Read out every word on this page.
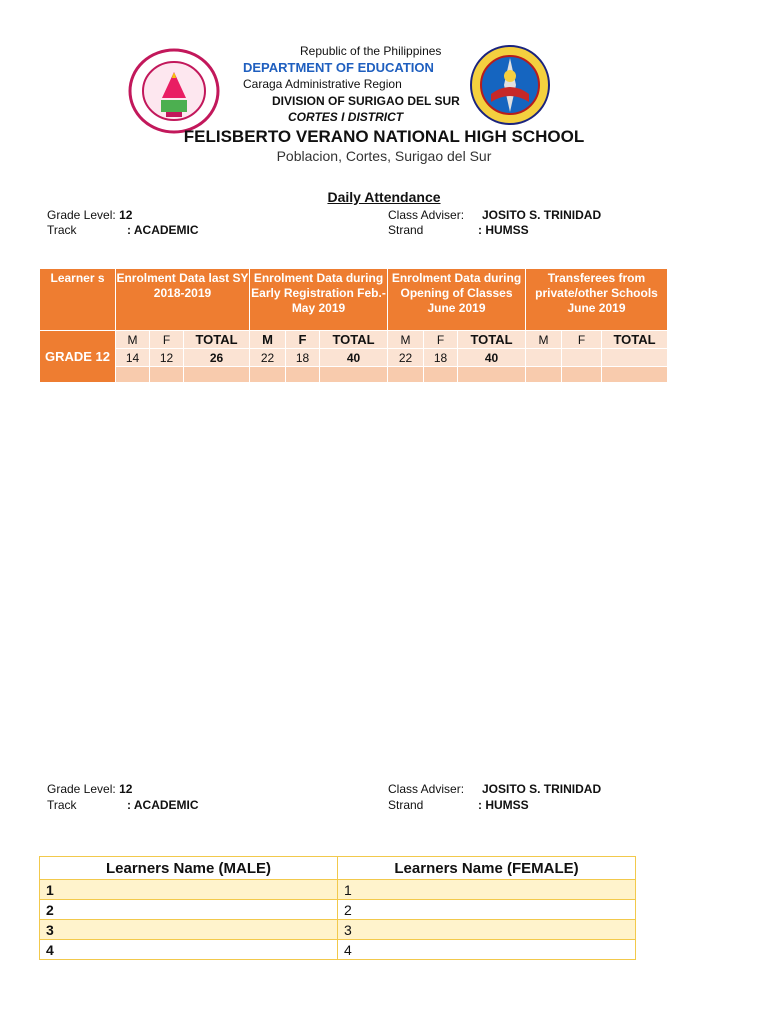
Republic of the Philippines
DEPARTMENT OF EDUCATION
Caraga Administrative Region
DIVISION OF SURIGAO DEL SUR
CORTES I DISTRICT
FELISBERTO VERANO NATIONAL HIGH SCHOOL
Poblacion, Cortes, Surigao del Sur
Daily Attendance
Grade Level: 12
Track	: ACADEMIC
Class Adviser: JOSITO S. TRINIDAD
Strand	: HUMSS
Learner s	Enrolment Data last SY 2018-2019			Enrolment Data during Early Registration Feb.- May 2019			Enrolment Data during Opening of Classes June 2019			Transferees from private/other Schools June 2019		
GRADE 12	M	F	TOTAL	M	F	TOTAL	M	F	TOTAL	M	F	TOTAL
	14	12	26	22	18	40	22	18	40			

Grade Level: 12
Track	: ACADEMIC
Class Adviser: JOSITO S. TRINIDAD
Strand	: HUMSS
Learners Name (MALE)	Learners Name (FEMALE)
1	1
2	2
3	3
4	4
